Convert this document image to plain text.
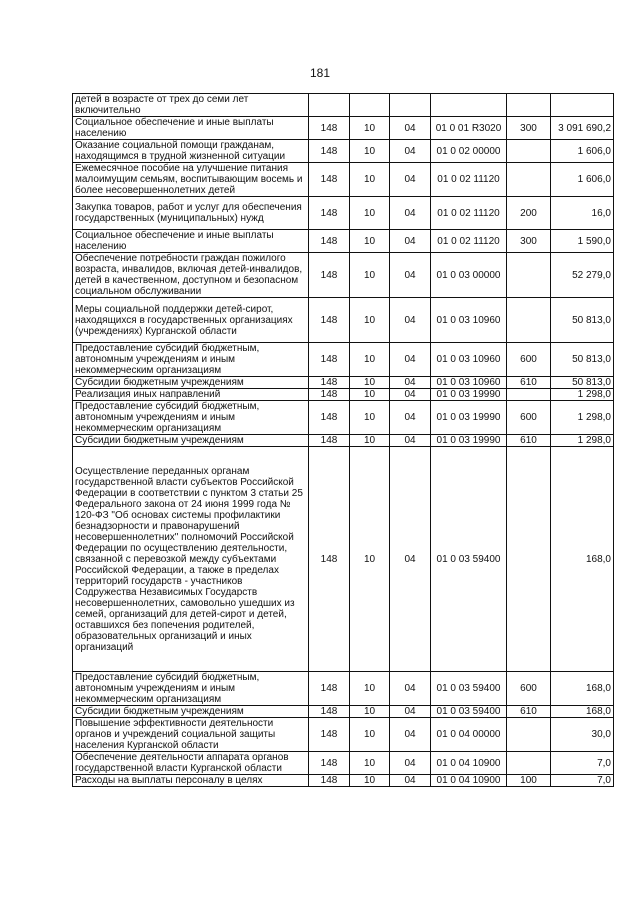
181
детей в возрасте от трех до семи лет включительно						
Социальное обеспечение и иные выплаты населению	148	10	04	01 0 01 R3020	300	3 091 690,2
Оказание социальной помощи гражданам, находящимся в трудной жизненной ситуации	148	10	04	01 0 02 00000		1 606,0
Ежемесячное пособие на улучшение питания малоимущим семьям, воспитывающим восемь и более несовершеннолетних детей	148	10	04	01 0 02 11120		1 606,0
Закупка товаров, работ и услуг для обеспечения государственных (муниципальных) нужд	148	10	04	01 0 02 11120	200	16,0
Социальное обеспечение и иные выплаты населению	148	10	04	01 0 02 11120	300	1 590,0
Обеспечение потребности граждан пожилого возраста, инвалидов, включая детей-инвалидов, детей в качественном, доступном и безопасном социальном обслуживании	148	10	04	01 0 03 00000		52 279,0
Меры социальной поддержки детей-сирот, находящихся в государственных организациях (учреждениях) Курганской области	148	10	04	01 0 03 10960		50 813,0
Предоставление субсидий бюджетным, автономным учреждениям и иным некоммерческим организациям	148	10	04	01 0 03 10960	600	50 813,0
Субсидии бюджетным учреждениям	148	10	04	01 0 03 10960	610	50 813,0
Реализация иных направлений	148	10	04	01 0 03 19990		1 298,0
Предоставление субсидий бюджетным, автономным учреждениям и иным некоммерческим организациям	148	10	04	01 0 03 19990	600	1 298,0
Субсидии бюджетным учреждениям	148	10	04	01 0 03 19990	610	1 298,0
Осуществление переданных органам государственной власти субъектов Российской Федерации в соответствии с пунктом 3 статьи 25 Федерального закона от 24 июня 1999 года № 120-ФЗ "Об основах системы профилактики безнадзорности и правонарушений несовершеннолетних" полномочий Российской Федерации по осуществлению деятельности, связанной с перевозкой между субъектами Российской Федерации, а также в пределах территорий государств - участников Содружества Независимых Государств несовершеннолетних, самовольно ушедших из семей, организаций для детей-сирот и детей, оставшихся без попечения родителей, образовательных организаций и иных организаций	148	10	04	01 0 03 59400		168,0
Предоставление субсидий бюджетным, автономным учреждениям и иным некоммерческим организациям	148	10	04	01 0 03 59400	600	168,0
Субсидии бюджетным учреждениям	148	10	04	01 0 03 59400	610	168,0
Повышение эффективности деятельности органов и учреждений социальной защиты населения Курганской области	148	10	04	01 0 04 00000		30,0
Обеспечение деятельности аппарата органов государственной власти Курганской области	148	10	04	01 0 04 10900		7,0
Расходы на выплаты персоналу в целях	148	10	04	01 0 04 10900	100	7,0
